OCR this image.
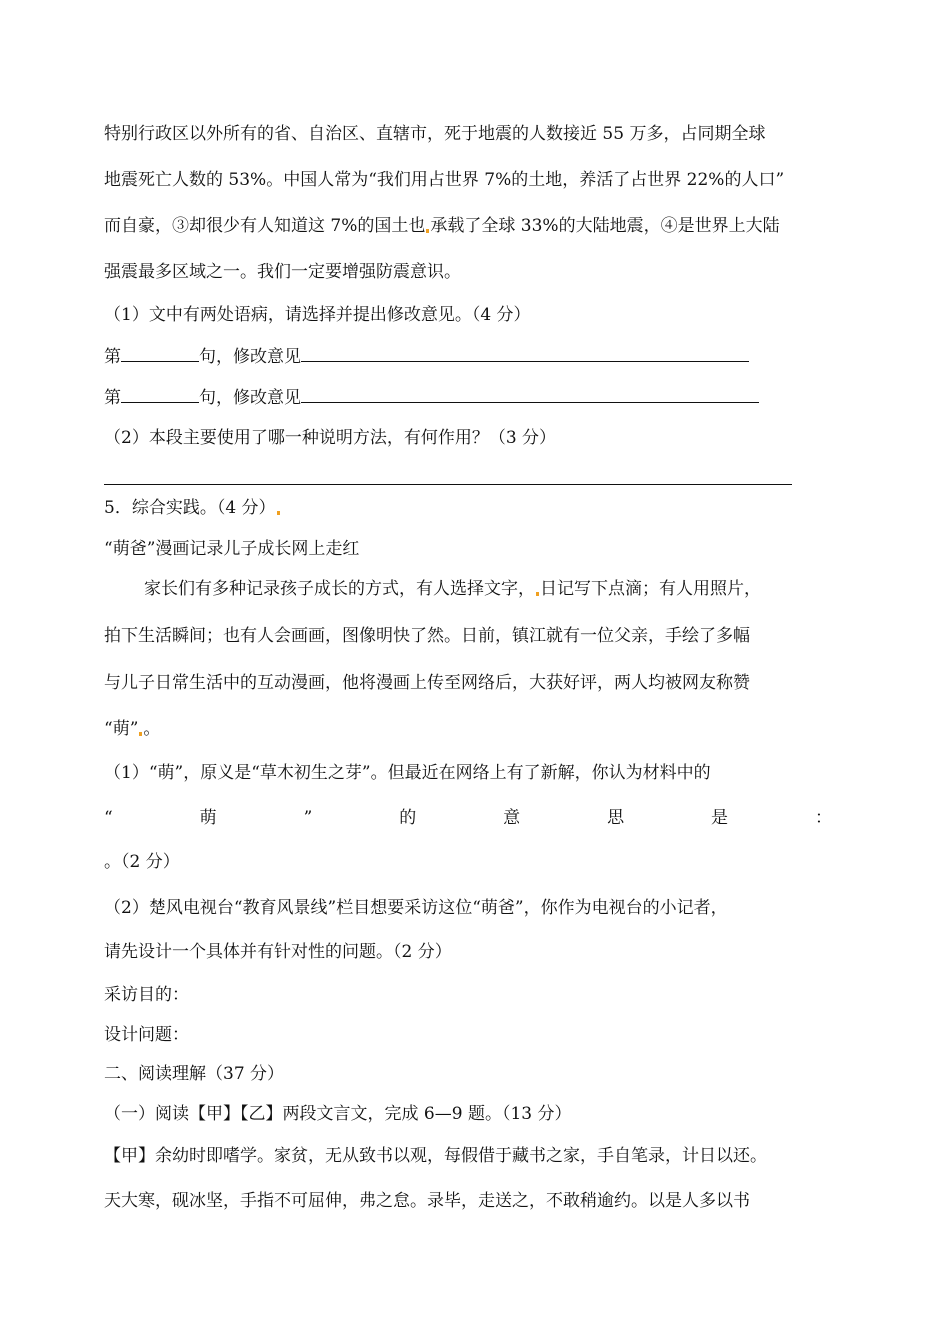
特别行政区以外所有的省、自治区、直辖市，死于地震的人数接近 55 万多，占同期全球
地震死亡人数的 53%。中国人常为“我们用占世界 7%的土地，养活了占世界 22%的人口”
而自豪，③却很少有人知道这 7%的国土也 承载了全球 33%的大陆地震，④是世界上大陆
强震最多区域之一。我们一定要增强防震意识。
（1）文中有两处语病，请选择并提出修改意见。（4 分）
第	句，修改意见
第	句，修改意见
（2）本段主要使用了哪一种说明方法，有何作用？（3 分）
5．综合实践。（4 分）
“萌爸”漫画记录儿子成长网上走红
家长们有多种记录孩子成长的方式，有人选择文字， 日记写下点滴；有人用照片，
拍下生活瞬间；也有人会画画，图像明快了然。日前，镇江就有一位父亲，手绘了多幅
与儿子日常生活中的互动漫画，他将漫画上传至网络后，大获好评，两人均被网友称赞
“萌” 。
（1）“萌”，原义是“草木初生之芽”。但最近在网络上有了新解，你认为材料中的
“	萌	”	的	意	思	是	：
。（2 分）
（2）楚风电视台“教育风景线”栏目想要采访这位“萌爸”，你作为电视台的小记者，
请先设计一个具体并有针对性的问题。（2 分）
采访目的：
设计问题：
二、阅读理解（37 分）
（一）阅读【甲】【乙】两段文言文，完成 6—9 题。（13 分）
【甲】余幼时即嗜学。家贫，无从致书以观，每假借于藏书之家，手自笔录，计日以还。
天大寒，砚冰坚，手指不可屈伸，弗之怠。录毕，走送之，不敢稍逾约。以是人多以书
